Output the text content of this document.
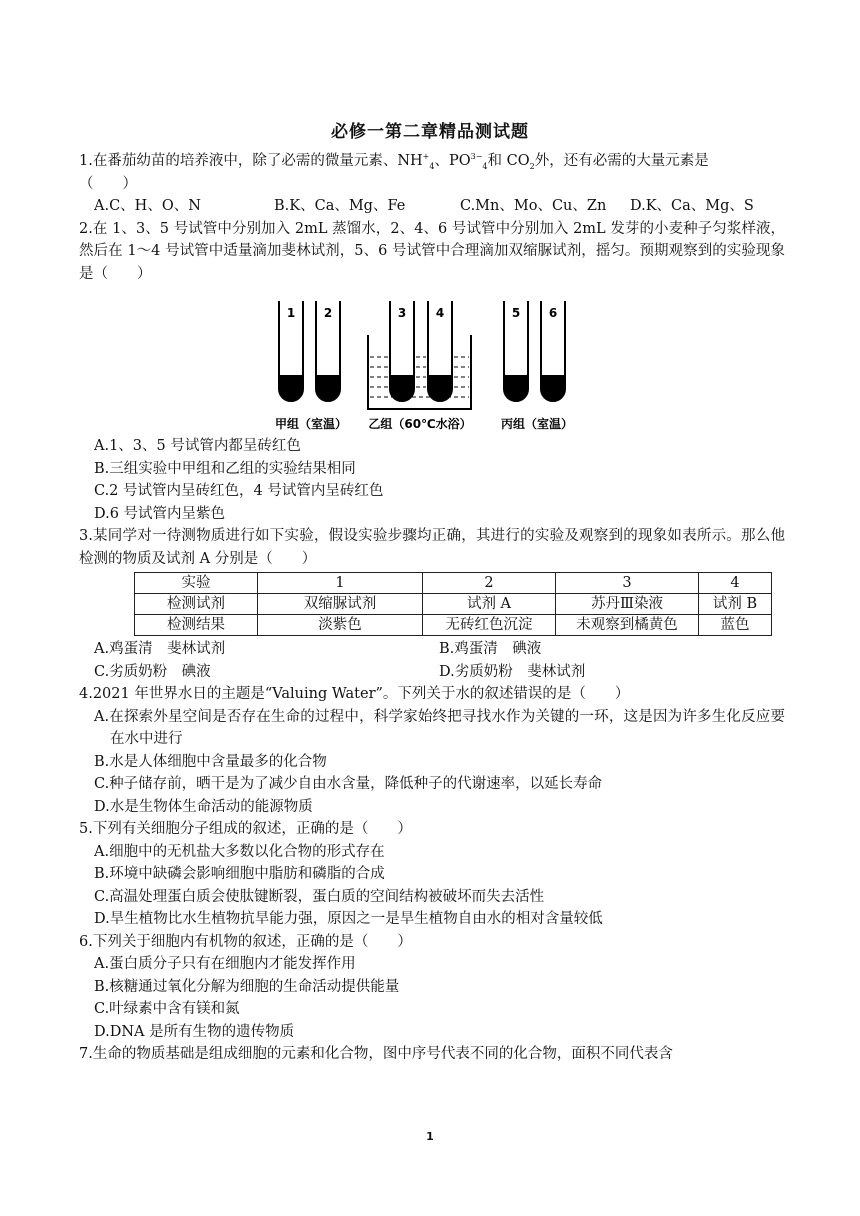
必修一第二章精品测试题

1.在番茄幼苗的培养液中，除了必需的微量元素、$NH^+_4$、$PO^{3-}_4$和 $CO_2$外，还有必需的大量元素是

（　　）

A.C、H、O、N	B.K、Ca、Mg、Fe	C.Mn、Mo、Cu、Zn	D.K、Ca、Mg、S

2.在 1、3、5 号试管中分别加入 2mL 蒸馏水，2、4、6 号试管中分别加入 2mL 发芽的小麦种子匀浆样液，然后在 1～4 号试管中适量滴加斐林试剂，5、6 号试管中合理滴加双缩脲试剂，摇匀。预期观察到的实验现象是（　　）

1 2	3 4	5 6
甲组（室温） 乙组（60℃水浴） 丙组（室温）

A.1、3、5 号试管内都呈砖红色

B.三组实验中甲组和乙组的实验结果相同

C.2 号试管内呈砖红色，4 号试管内呈砖红色

D.6 号试管内呈紫色

3.某同学对一待测物质进行如下实验，假设实验步骤均正确，其进行的实验及观察到的现象如表所示。那么他检测的物质及试剂 A 分别是（　　）

实验	1	2	3	4
检测试剂	双缩脲试剂	试剂 A	苏丹Ⅲ染液	试剂 B
检测结果	淡紫色	无砖红色沉淀	未观察到橘黄色	蓝色
A.鸡蛋清　斐林试剂	B.鸡蛋清　碘液
C.劣质奶粉　碘液	D.劣质奶粉　斐林试剂

4.2021 年世界水日的主题是“Valuing Water”。下列关于水的叙述错误的是（　　）

A.在探索外星空间是否存在生命的过程中，科学家始终把寻找水作为关键的一环，这是因为许多生化反应要在水中进行

B.水是人体细胞中含量最多的化合物

C.种子储存前，晒干是为了减少自由水含量，降低种子的代谢速率，以延长寿命

D.水是生物体生命活动的能源物质

5.下列有关细胞分子组成的叙述，正确的是（　　）

A.细胞中的无机盐大多数以化合物的形式存在

B.环境中缺磷会影响细胞中脂肪和磷脂的合成

C.高温处理蛋白质会使肽键断裂，蛋白质的空间结构被破坏而失去活性

D.旱生植物比水生植物抗旱能力强，原因之一是旱生植物自由水的相对含量较低

6.下列关于细胞内有机物的叙述，正确的是（　　）

A.蛋白质分子只有在细胞内才能发挥作用

B.核糖通过氧化分解为细胞的生命活动提供能量

C.叶绿素中含有镁和氮

D.DNA 是所有生物的遗传物质

7.生命的物质基础是组成细胞的元素和化合物，图中序号代表不同的化合物，面积不同代表含

1
